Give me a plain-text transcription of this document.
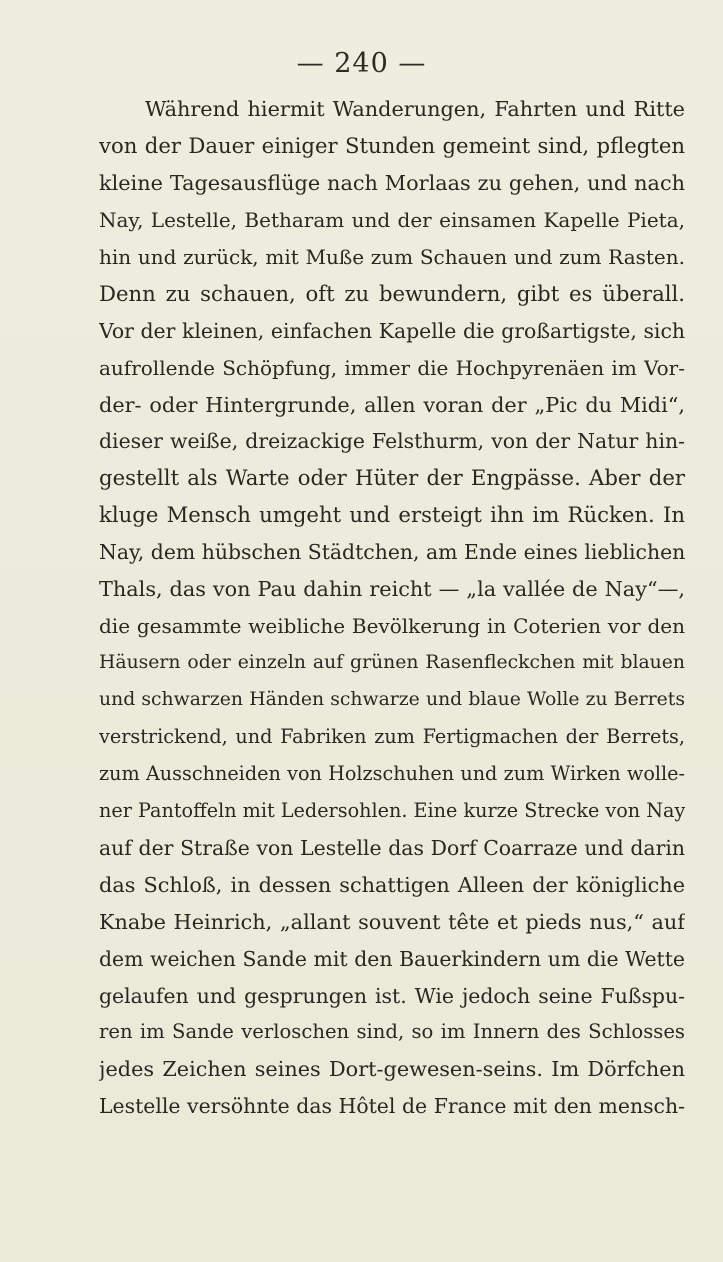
— 240 —
Während hiermit Wanderungen, Fahrten und Ritte
von der Dauer einiger Stunden gemeint sind, pflegten
kleine Tagesausflüge nach Morlaas zu gehen, und nach
Nay, Lestelle, Betharam und der einsamen Kapelle Pieta,
hin und zurück, mit Muße zum Schauen und zum Rasten.
Denn zu schauen, oft zu bewundern, gibt es überall.
Vor der kleinen, einfachen Kapelle die großartigste, sich
aufrollende Schöpfung, immer die Hochpyrenäen im Vor-
der- oder Hintergrunde, allen voran der „Pic du Midi“,
dieser weiße, dreizackige Felsthurm, von der Natur hin-
gestellt als Warte oder Hüter der Engpässe. Aber der
kluge Mensch umgeht und ersteigt ihn im Rücken. In
Nay, dem hübschen Städtchen, am Ende eines lieblichen
Thals, das von Pau dahin reicht — „la vallée de Nay“—,
die gesammte weibliche Bevölkerung in Coterien vor den
Häusern oder einzeln auf grünen Rasenfleckchen mit blauen
und schwarzen Händen schwarze und blaue Wolle zu Berrets
verstrickend, und Fabriken zum Fertigmachen der Berrets,
zum Ausschneiden von Holzschuhen und zum Wirken wolle-
ner Pantoffeln mit Ledersohlen. Eine kurze Strecke von Nay
auf der Straße von Lestelle das Dorf Coarraze und darin
das Schloß, in dessen schattigen Alleen der königliche
Knabe Heinrich, „allant souvent tête et pieds nus,“ auf
dem weichen Sande mit den Bauerkindern um die Wette
gelaufen und gesprungen ist. Wie jedoch seine Fußspu-
ren im Sande verloschen sind, so im Innern des Schlosses
jedes Zeichen seines Dort-gewesen-seins. Im Dörfchen
Lestelle versöhnte das Hôtel de France mit den mensch-
